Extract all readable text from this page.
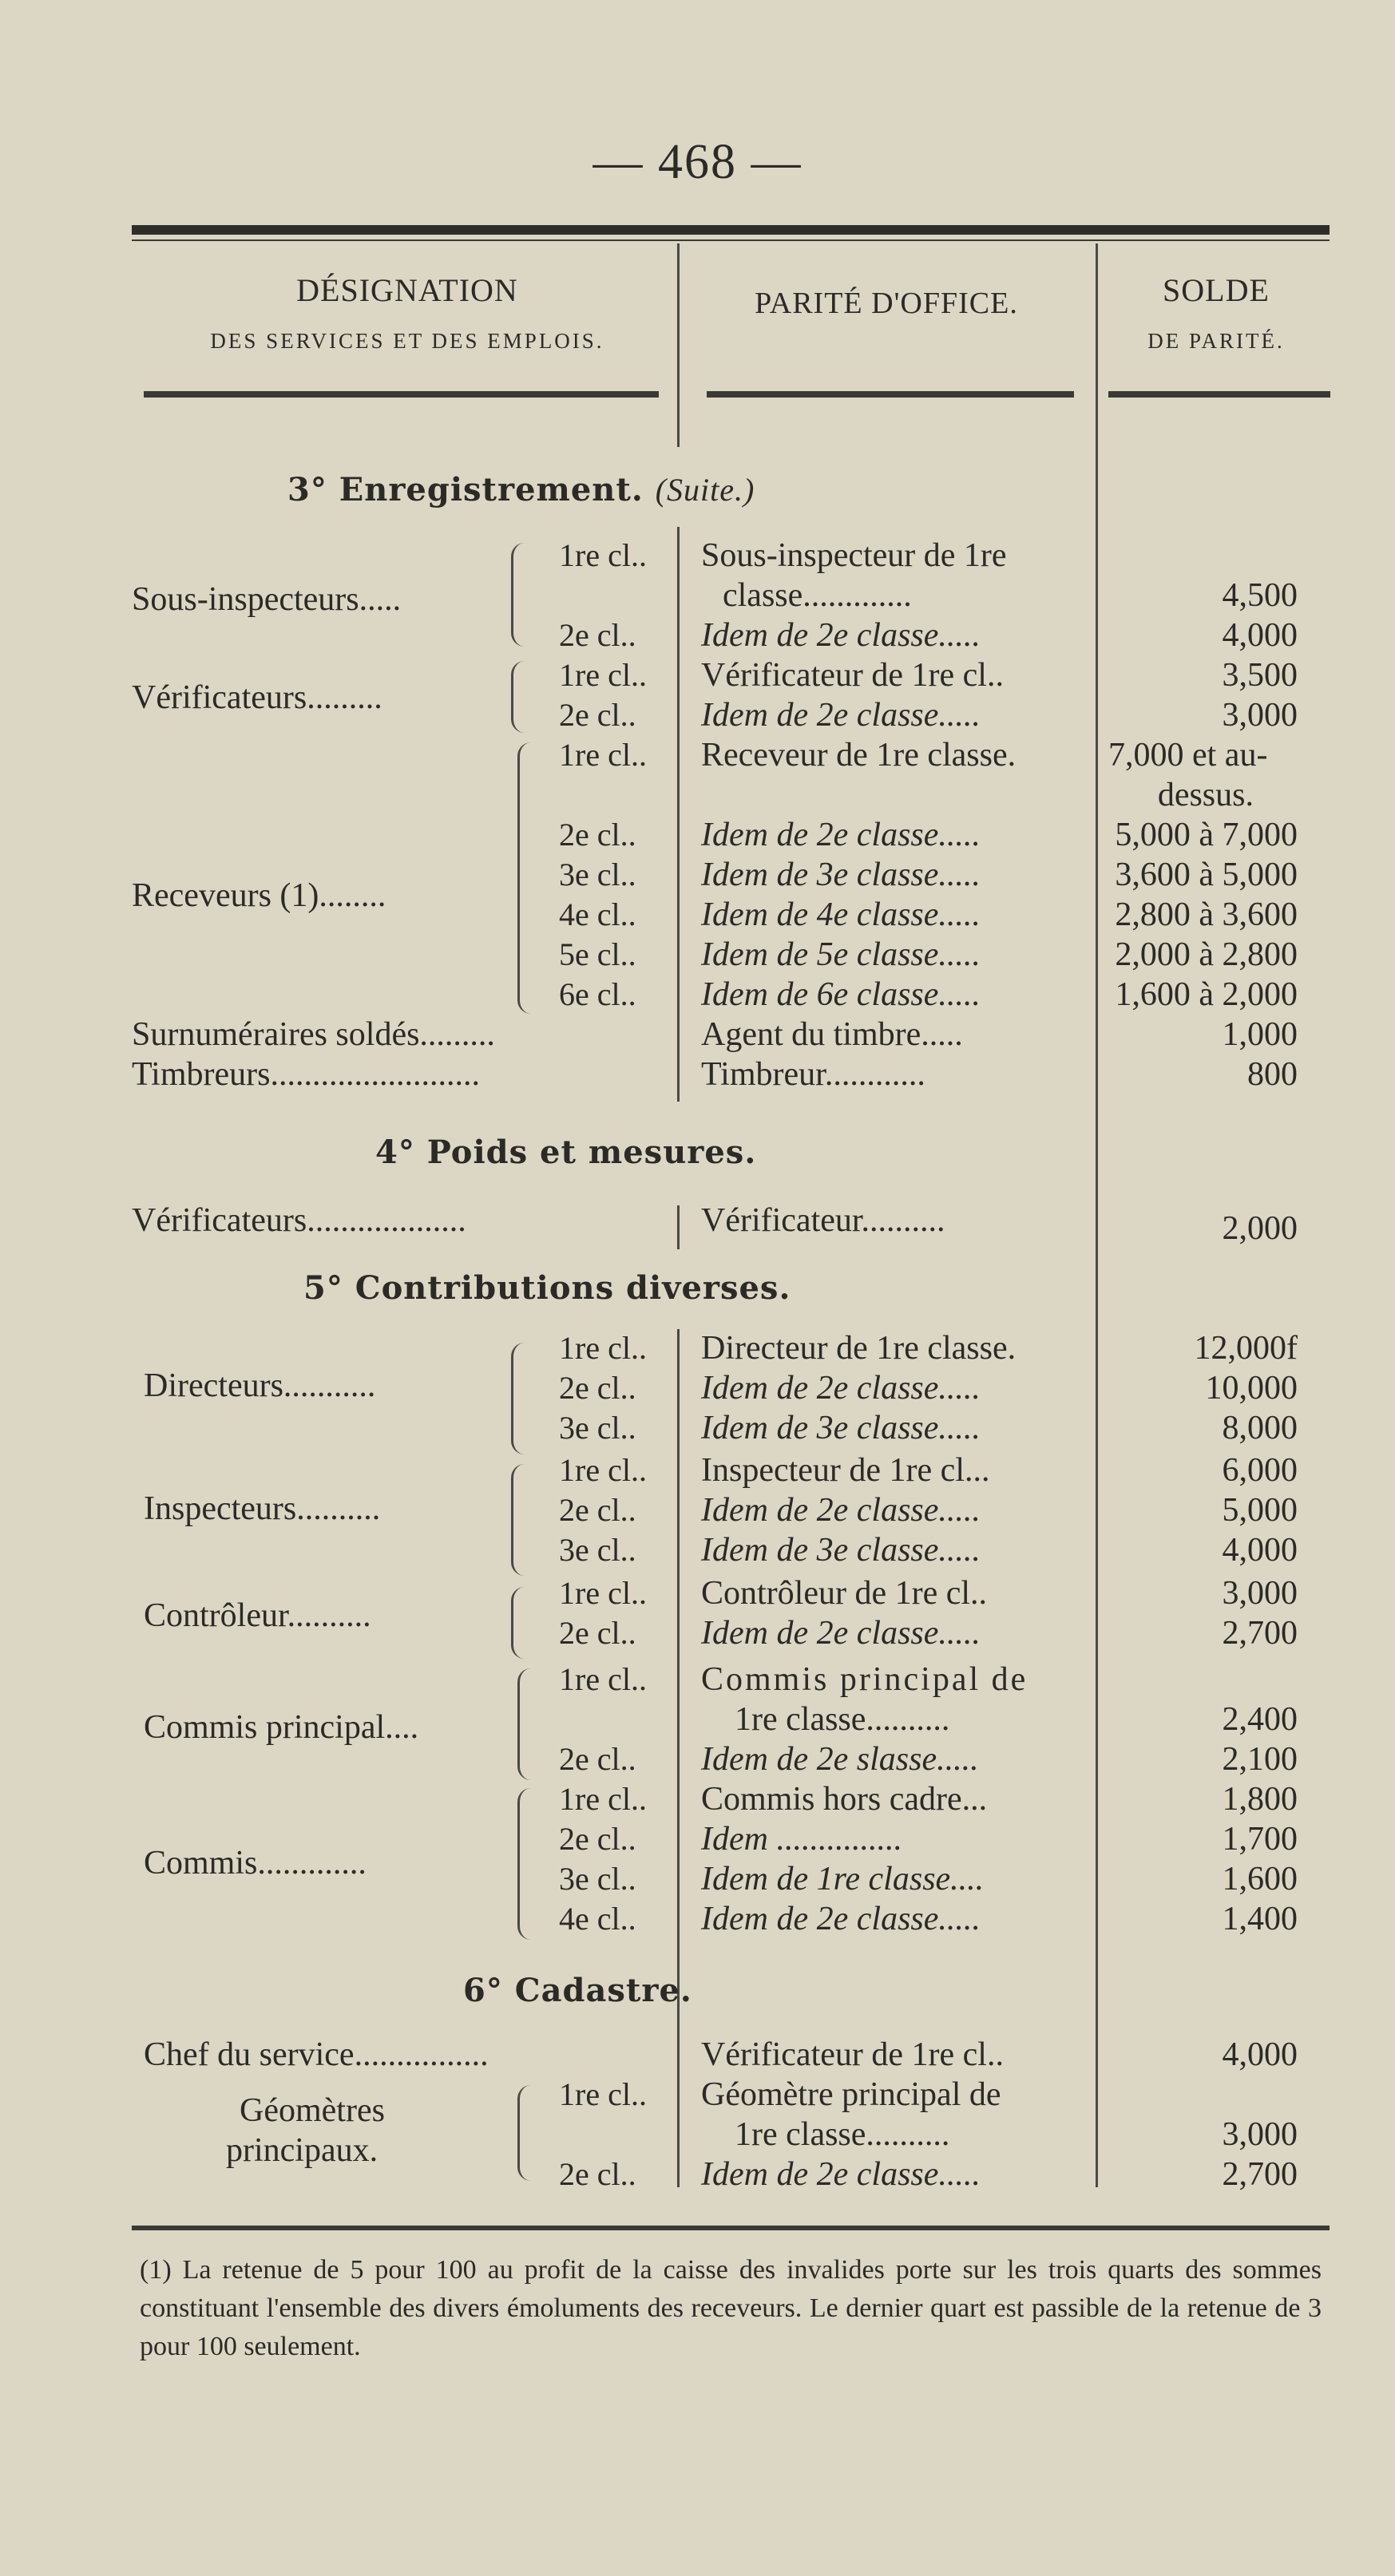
— 468 —
DÉSIGNATION
DES SERVICES ET DES EMPLOIS.
PARITÉ D'OFFICE.	SOLDE
DE PARITÉ.
3° Enregistrement. (Suite.)
Sous-inspecteurs.....
1re cl.. Sous-inspecteur de 1re
classe.............	4,500
2e cl.. Idem de 2e classe.....	4,000
Vérificateurs.........
1re cl.. Vérificateur de 1re cl..	3,500
2e cl.. Idem de 2e classe.....	3,000
Receveurs (1)........
1re cl.. Receveur de 1re classe.	7,000 et au-
dessus.
2e cl.. Idem de 2e classe.....	5,000 à 7,000
3e cl.. Idem de 3e classe.....	3,600 à 5,000
4e cl.. Idem de 4e classe.....	2,800 à 3,600
5e cl.. Idem de 5e classe.....	2,000 à 2,800
6e cl.. Idem de 6e classe.....	1,600 à 2,000
Surnuméraires soldés.........	Agent du timbre.....	1,000
Timbreurs.........................	Timbreur............	800
4° Poids et mesures.
Vérificateurs...................	Vérificateur..........	2,000
5° Contributions diverses.
Directeurs...........
1re cl.. Directeur de 1re classe.	12,000f
2e cl.. Idem de 2e classe.....	10,000
3e cl.. Idem de 3e classe.....	8,000
Inspecteurs..........
1re cl.. Inspecteur de 1re cl...	6,000
2e cl.. Idem de 2e classe.....	5,000
3e cl.. Idem de 3e classe.....	4,000
Contrôleur..........
1re cl.. Contrôleur de 1re cl..	3,000
2e cl.. Idem de 2e classe.....	2,700
Commis principal....
1re cl.. Commis principal de
1re classe..........	2,400
2e cl.. Idem de 2e slasse.....	2,100
Commis.............
1re cl.. Commis hors cadre...	1,800
2e cl.. Idem ...............	1,700
3e cl.. Idem de 1re classe....	1,600
4e cl.. Idem de 2e classe.....	1,400
6° Cadastre.
Chef du service................	Vérificateur de 1re cl..	4,000
Géomètres
principaux.
1re cl.. Géomètre principal de
1re classe..........	3,000
2e cl.. Idem de 2e classe.....	2,700
(1) La retenue de 5 pour 100 au profit de la caisse des invalides porte sur les trois quarts des sommes constituant l'ensemble des divers émoluments des receveurs. Le dernier quart est passible de la retenue de 3 pour 100 seulement.
